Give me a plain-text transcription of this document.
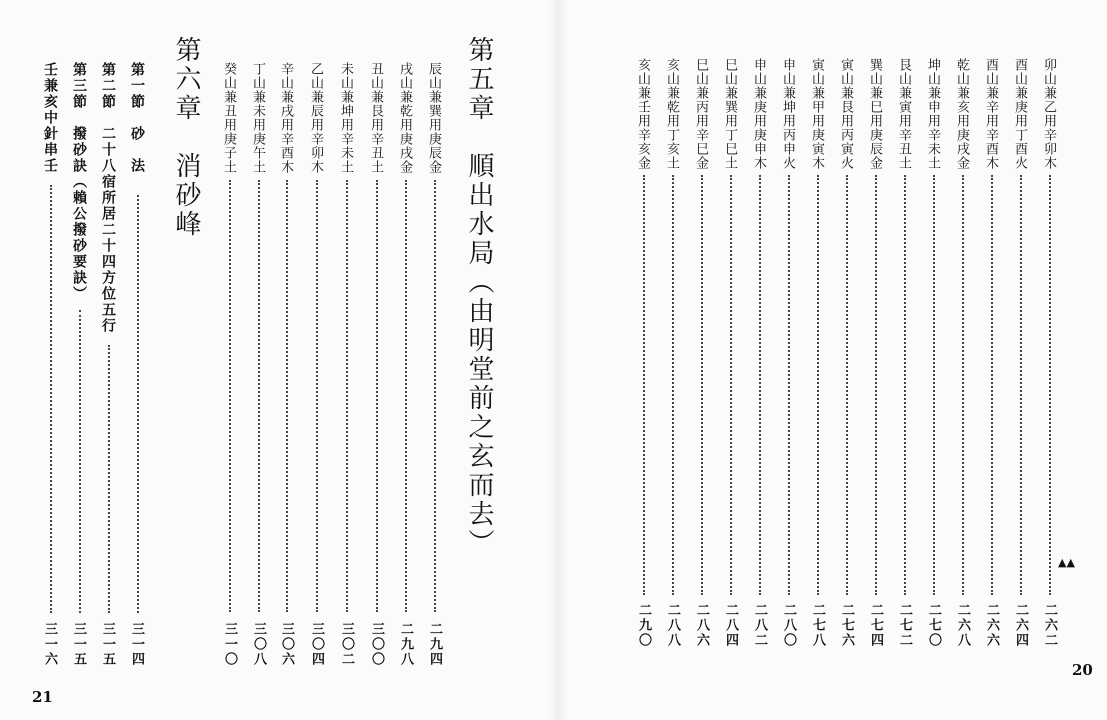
第五章　順出水局（由明堂前之玄而去）
辰山兼巽用庚辰金
二九四
戌山兼乾用庚戌金
二九八
丑山兼艮用辛丑土
三〇〇
未山兼坤用辛未土
三〇二
乙山兼辰用辛卯木
三〇四
辛山兼戌用辛酉木
三〇六
丁山兼未用庚午土
三〇八
癸山兼丑用庚子土
三一〇
第六章　消砂峰
第一節　砂　法
三一四
第二節　二十八宿所居二十四方位五行
三一五
第三節　撥砂訣（賴公撥砂要訣）
三一五
壬兼亥中針串壬
三一六
21
卯山兼乙用辛卯木
二六二
酉山兼庚用丁酉火
二六四
酉山兼辛用辛酉木
二六六
乾山兼亥用庚戌金
二六八
坤山兼申用辛未土
二七〇
艮山兼寅用辛丑土
二七二
巽山兼巳用庚辰金
二七四
寅山兼艮用丙寅火
二七六
寅山兼甲用庚寅木
二七八
申山兼坤用丙申火
二八〇
申山兼庚用庚申木
二八二
巳山兼巽用丁巳土
二八四
巳山兼丙用辛巳金
二八六
亥山兼乾用丁亥土
二八八
亥山兼壬用辛亥金
二九〇
▲▲
20
